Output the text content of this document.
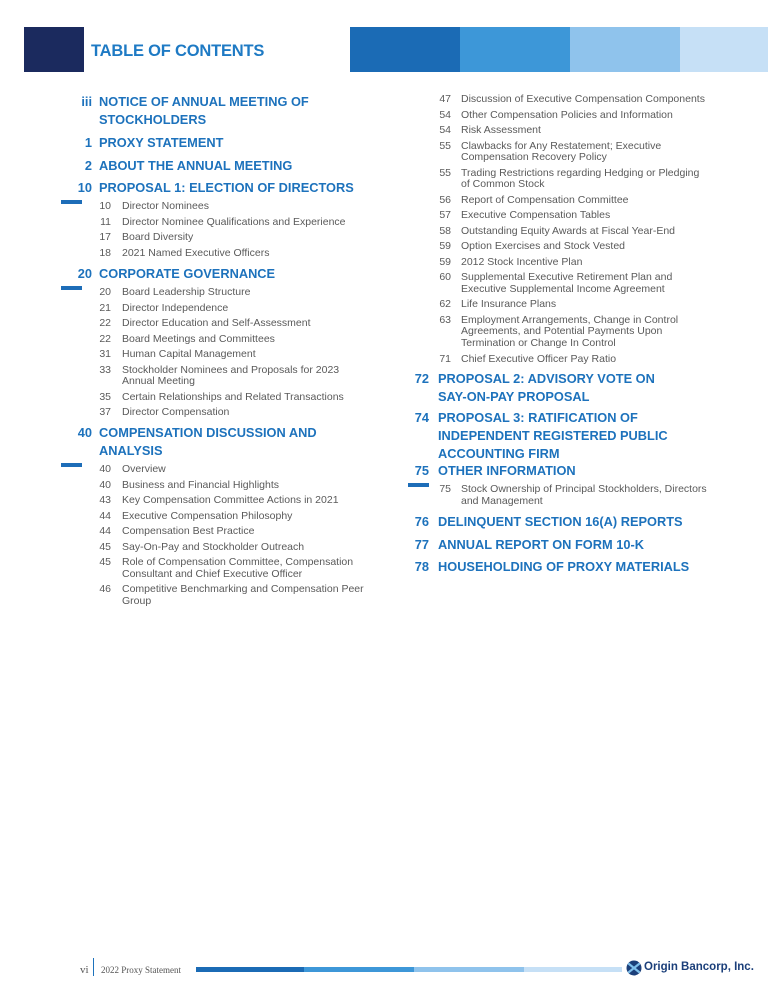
TABLE OF CONTENTS
iii NOTICE OF ANNUAL MEETING OF
STOCKHOLDERS
1 PROXY STATEMENT
2 ABOUT THE ANNUAL MEETING
10 PROPOSAL 1: ELECTION OF DIRECTORS
10 Director Nominees
11 Director Nominee Qualifications and Experience
17 Board Diversity
18 2021 Named Executive Officers
20 CORPORATE GOVERNANCE
20 Board Leadership Structure
21 Director Independence
22 Director Education and Self-Assessment
22 Board Meetings and Committees
31 Human Capital Management
33 Stockholder Nominees and Proposals for 2023
Annual Meeting
35 Certain Relationships and Related Transactions
37 Director Compensation
40 COMPENSATION DISCUSSION AND
ANALYSIS
40 Overview
40 Business and Financial Highlights
43 Key Compensation Committee Actions in 2021
44 Executive Compensation Philosophy
44 Compensation Best Practice
45 Say-On-Pay and Stockholder Outreach
45 Role of Compensation Committee, Compensation
Consultant and Chief Executive Officer
46 Competitive Benchmarking and Compensation Peer
Group
47 Discussion of Executive Compensation Components
54 Other Compensation Policies and Information
54 Risk Assessment
55 Clawbacks for Any Restatement; Executive
Compensation Recovery Policy
55 Trading Restrictions regarding Hedging or Pledging
of Common Stock
56 Report of Compensation Committee
57 Executive Compensation Tables
58 Outstanding Equity Awards at Fiscal Year-End
59 Option Exercises and Stock Vested
59 2012 Stock Incentive Plan
60 Supplemental Executive Retirement Plan and
Executive Supplemental Income Agreement
62 Life Insurance Plans
63 Employment Arrangements, Change in Control
Agreements, and Potential Payments Upon
Termination or Change In Control
71 Chief Executive Officer Pay Ratio
72 PROPOSAL 2: ADVISORY VOTE ON
SAY-ON-PAY PROPOSAL
74 PROPOSAL 3: RATIFICATION OF
INDEPENDENT REGISTERED PUBLIC
ACCOUNTING FIRM
75 OTHER INFORMATION
75 Stock Ownership of Principal Stockholders, Directors
and Management
76 DELINQUENT SECTION 16(A) REPORTS
77 ANNUAL REPORT ON FORM 10-K
78 HOUSEHOLDING OF PROXY MATERIALS
vi 2022 Proxy Statement	Origin Bancorp, Inc.
